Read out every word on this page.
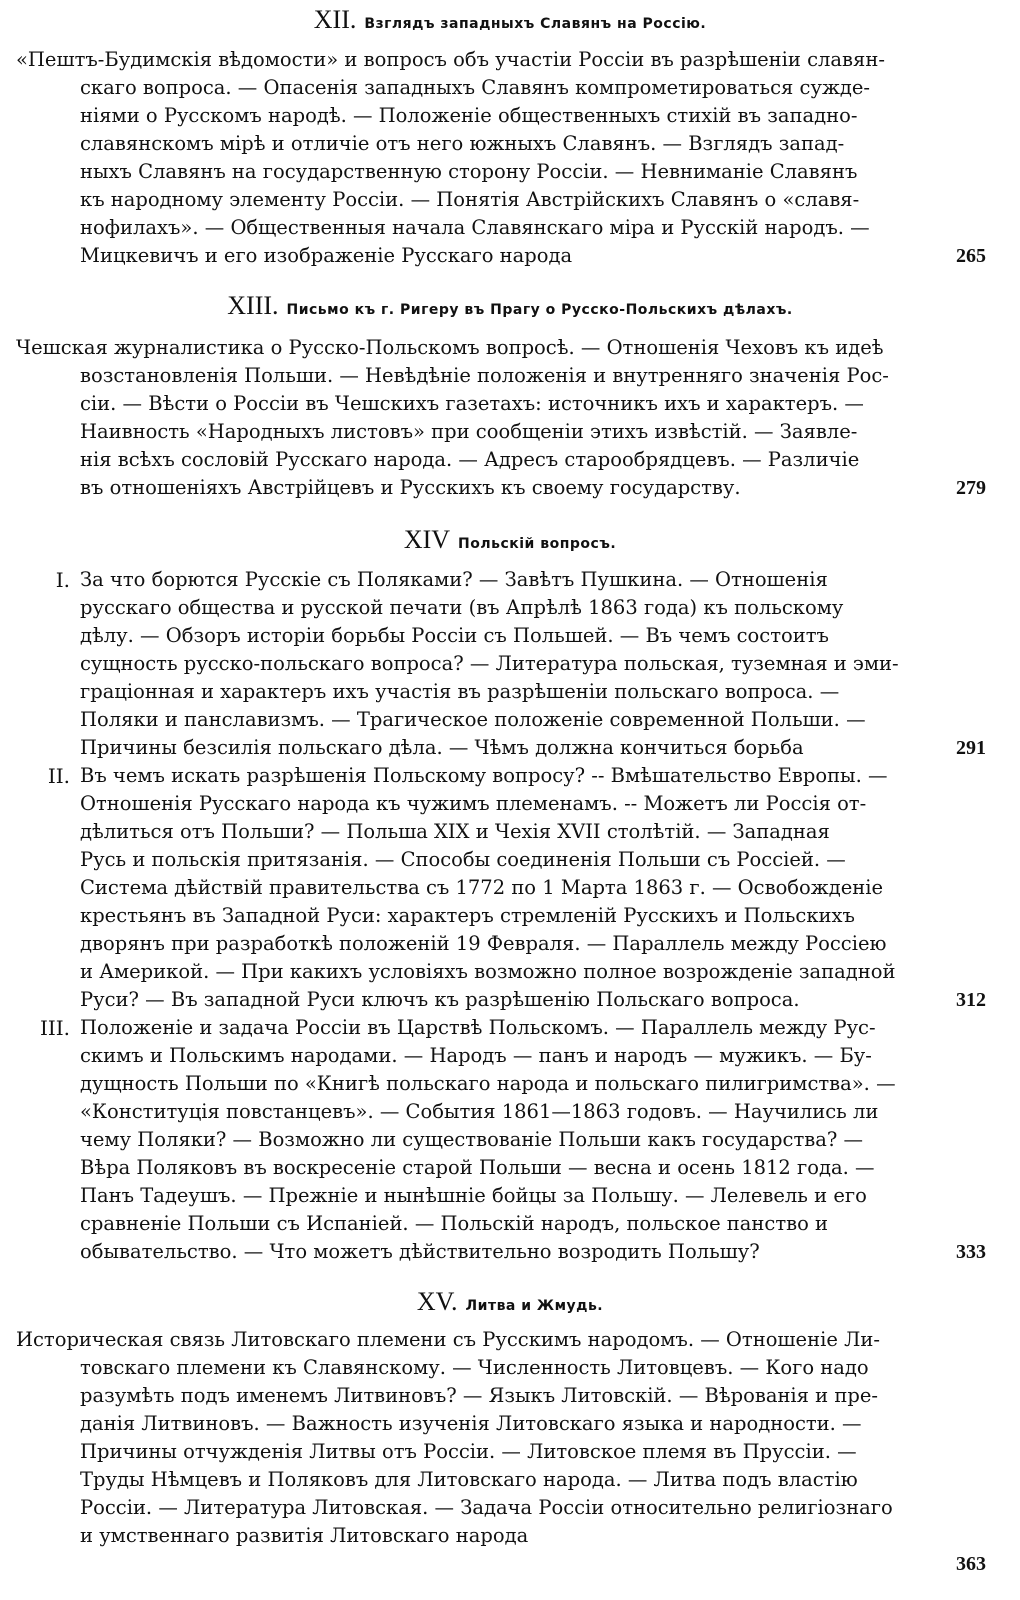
XII. Взглядъ западныхъ Славянъ на Россію.
«Пештъ-Будимскія вѣдомости» и вопросъ объ участіи Россіи въ разрѣшеніи славян-
скаго вопроса. — Опасенія западныхъ Славянъ компрометироваться сужде-
ніями о Русскомъ народѣ. — Положеніе общественныхъ стихій въ западно-
славянскомъ мірѣ и отличіе отъ него южныхъ Славянъ. — Взглядъ запад-
ныхъ Славянъ на государственную сторону Россіи. — Невниманіе Славянъ
къ народному элементу Россіи. — Понятія Австрійскихъ Славянъ о «славя-
нофилахъ». — Общественныя начала Славянскаго міра и Русскій народъ. —
Мицкевичъ и его изображеніе Русскаго народа	265
XIII. Письмо къ г. Ригеру въ Прагу о Русско-Польскихъ дѣлахъ.
Чешская журналистика о Русско-Польскомъ вопросѣ. — Отношенія Чеховъ къ идеѣ
возстановленія Польши. — Невѣдѣніе положенія и внутренняго значенія Рос-
сіи. — Вѣсти о Россіи въ Чешскихъ газетахъ: источникъ ихъ и характеръ. —
Наивность «Народныхъ листовъ» при сообщеніи этихъ извѣстій. — Заявле-
нія всѣхъ сословій Русскаго народа. — Адресъ старообрядцевъ. — Различіе
въ отношеніяхъ Австрійцевъ и Русскихъ къ своему государству.	279
XIV Польскій вопросъ.
I. За что борются Русскіе съ Поляками? — Завѣтъ Пушкина. — Отношенія
русскаго общества и русской печати (въ Апрѣлѣ 1863 года) къ польскому
дѣлу. — Обзоръ исторіи борьбы Россіи съ Польшей. — Въ чемъ состоитъ
сущность русско-польскаго вопроса? — Литература польская, туземная и эми-
граціонная и характеръ ихъ участія въ разрѣшеніи польскаго вопроса. —
Поляки и панславизмъ. — Трагическое положеніе современной Польши. —
Причины безсилія польскаго дѣла. — Чѣмъ должна кончиться борьба	291
II. Въ чемъ искать разрѣшенія Польскому вопросу? -- Вмѣшательство Европы. —
Отношенія Русскаго народа къ чужимъ племенамъ. -- Можетъ ли Россія от-
дѣлиться отъ Польши? — Польша XIX и Чехія XVII столѣтій. — Западная
Русь и польскія притязанія. — Способы соединенія Польши съ Россіей. —
Система дѣйствій правительства съ 1772 по 1 Марта 1863 г. — Освобожденіе
крестьянъ въ Западной Руси: характеръ стремленій Русскихъ и Польскихъ
дворянъ при разработкѣ положеній 19 Февраля. — Параллель между Россіею
и Америкой. — При какихъ условіяхъ возможно полное возрожденіе западной
Руси? — Въ западной Руси ключъ къ разрѣшенію Польскаго вопроса.	312
III. Положеніе и задача Россіи въ Царствѣ Польскомъ. — Параллель между Рус-
скимъ и Польскимъ народами. — Народъ — панъ и народъ — мужикъ. — Бу-
дущность Польши по «Книгѣ польскаго народа и польскаго пилигримства». —
«Конституція повстанцевъ». — События 1861—1863 годовъ. — Научились ли
чему Поляки? — Возможно ли существованіе Польши какъ государства? —
Вѣра Поляковъ въ воскресеніе старой Польши — весна и осень 1812 года. —
Панъ Тадеушъ. — Прежніе и нынѣшніе бойцы за Польшу. — Лелевель и его
сравненіе Польши съ Испаніей. — Польскій народъ, польское панство и
обывательство. — Что можетъ дѣйствительно возродить Польшу?	333
XV. Литва и Жмудь.
Историческая связь Литовскаго племени съ Русскимъ народомъ. — Отношеніе Ли-
товскаго племени къ Славянскому. — Численность Литовцевъ. — Кого надо
разумѣть подъ именемъ Литвиновъ? — Языкъ Литовскій. — Вѣрованія и пре-
данія Литвиновъ. — Важность изученія Литовскаго языка и народности. —
Причины отчужденія Литвы отъ Россіи. — Литовское племя въ Пруссіи. —
Труды Нѣмцевъ и Поляковъ для Литовскаго народа. — Литва подъ властію
Россіи. — Литература Литовская. — Задача Россіи относительно религіознаго
и умственнаго развитія Литовскаго народа
363
